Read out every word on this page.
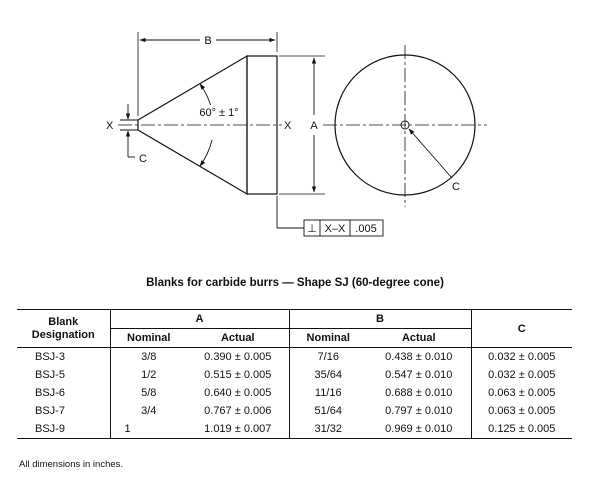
B
60° ± 1°
X	X
C
A
C
⊥ X–X .005
Blanks for carbide burrs — Shape SJ (60-degree cone)
Blank
Designation	A		B		C
	Nominal	Actual	Nominal	Actual	
BSJ-3	3/8	0.390 ± 0.005	7/16	0.438 ± 0.010	0.032 ± 0.005
BSJ-5	1/2	0.515 ± 0.005	35/64	0.547 ± 0.010	0.032 ± 0.005
BSJ-6	5/8	0.640 ± 0.005	11/16	0.688 ± 0.010	0.063 ± 0.005
BSJ-7	3/4	0.767 ± 0.006	51/64	0.797 ± 0.010	0.063 ± 0.005
BSJ-9	1	1.019 ± 0.007	31/32	0.969 ± 0.010	0.125 ± 0.005
All dimensions in inches.
